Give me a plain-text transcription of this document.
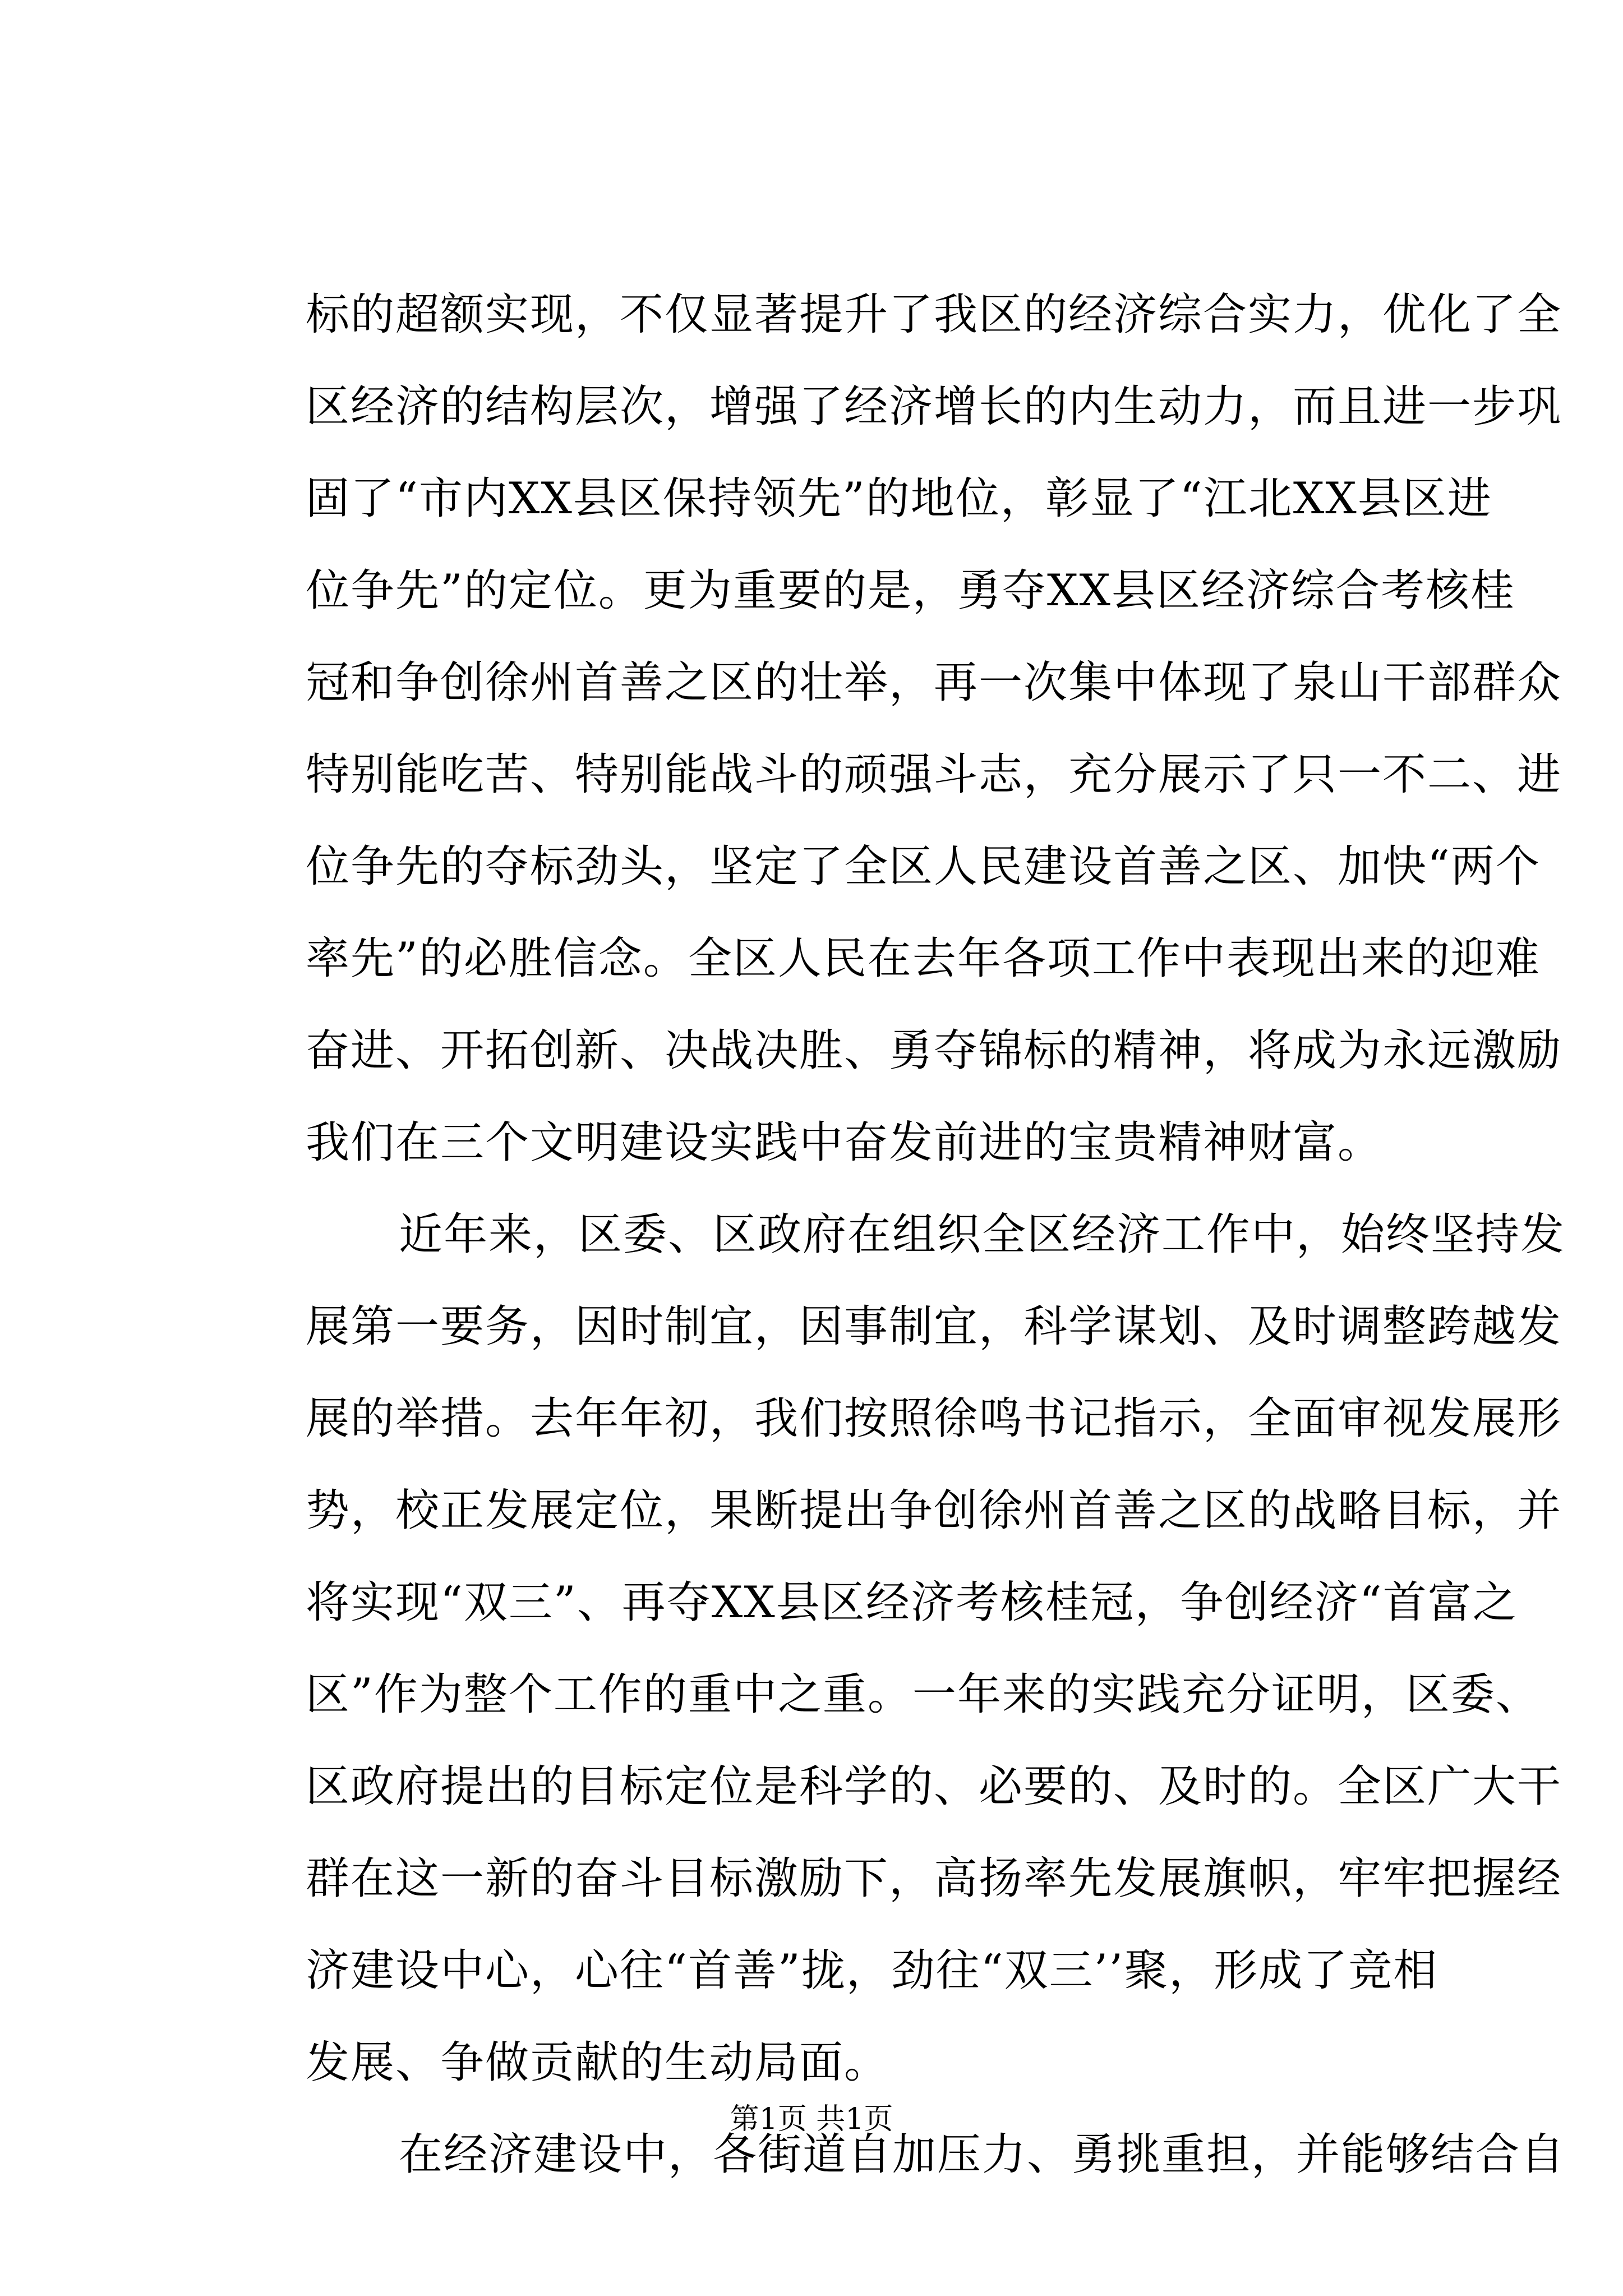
标的超额实现，不仅显著提升了我区的经济综合实力，优化了全
区经济的结构层次，增强了经济增长的内生动力，而且进一步巩
固了“市内XX县区保持领先”的地位，彰显了“江北XX县区进
位争先”的定位。更为重要的是，勇夺XX县区经济综合考核桂
冠和争创徐州首善之区的壮举，再一次集中体现了泉山干部群众
特别能吃苦、特别能战斗的顽强斗志，充分展示了只一不二、进
位争先的夺标劲头，坚定了全区人民建设首善之区、加快“两个
率先”的必胜信念。全区人民在去年各项工作中表现出来的迎难
奋进、开拓创新、决战决胜、勇夺锦标的精神，将成为永远激励
我们在三个文明建设实践中奋发前进的宝贵精神财富。
近年来，区委、区政府在组织全区经济工作中，始终坚持发
展第一要务，因时制宜，因事制宜，科学谋划、及时调整跨越发
展的举措。去年年初，我们按照徐鸣书记指示，全面审视发展形
势，校正发展定位，果断提出争创徐州首善之区的战略目标，并
将实现“双三”、再夺XX县区经济考核桂冠，争创经济“首富之
区”作为整个工作的重中之重。一年来的实践充分证明，区委、
区政府提出的目标定位是科学的、必要的、及时的。全区广大干
群在这一新的奋斗目标激励下，高扬率先发展旗帜，牢牢把握经
济建设中心，心往“首善”拢，劲往“双三’’聚，形成了竞相
发展、争做贡献的生动局面。
在经济建设中，各街道自加压力、勇挑重担，并能够结合自
第1页 共1页
